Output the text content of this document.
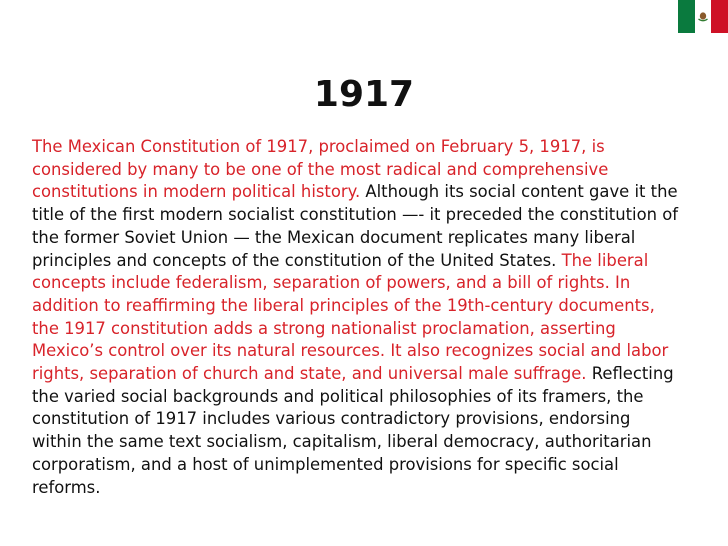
1917

The Mexican Constitution of 1917, proclaimed on February 5, 1917, is considered by many to be one of the most radical and comprehensive constitutions in modern political history. Although its social content gave it the title of the first modern socialist constitution —- it preceded the constitution of the former Soviet Union — the Mexican document replicates many liberal principles and concepts of the constitution of the United States. The liberal concepts include federalism, separation of powers, and a bill of rights. In addition to reaffirming the liberal principles of the 19th-century documents, the 1917 constitution adds a strong nationalist proclamation, asserting Mexico’s control over its natural resources. It also recognizes social and labor rights, separation of church and state, and universal male suffrage. Reflecting the varied social backgrounds and political philosophies of its framers, the constitution of 1917 includes various contradictory provisions, endorsing within the same text socialism, capitalism, liberal democracy, authoritarian corporatism, and a host of unimplemented provisions for specific social reforms.
